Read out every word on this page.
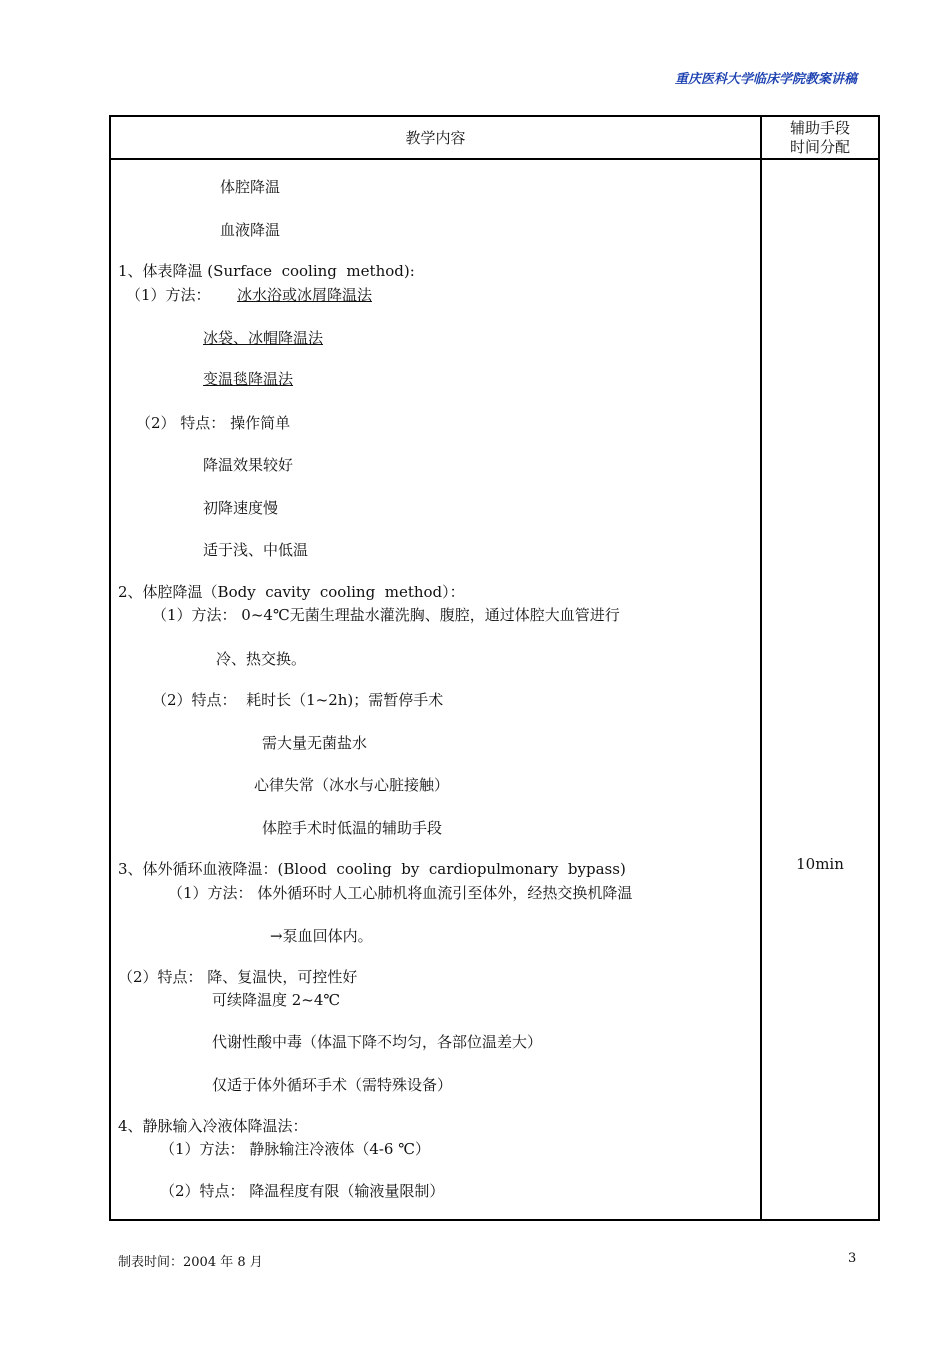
重庆医科大学临床学院教案讲稿
教学内容
辅助手段
时间分配
体腔降温
血液降温
1、体表降温 (Surface  cooling  method):
（1）方法： 冰水浴或冰屑降温法
冰袋、冰帽降温法
变温毯降温法
（2） 特点： 操作简单
降温效果较好
初降速度慢
适于浅、中低温
2、体腔降温（Body  cavity  cooling  method）：
（1）方法： 0~4℃无菌生理盐水灌洗胸、腹腔，通过体腔大血管进行
冷、热交换。
（2）特点：  耗时长（1~2h)；需暂停手术
需大量无菌盐水
心律失常（冰水与心脏接触）
体腔手术时低温的辅助手段
3、体外循环血液降温：(Blood  cooling  by  cardiopulmonary  bypass)
（1）方法： 体外循环时人工心肺机将血流引至体外，经热交换机降温
→泵血回体内。
（2）特点： 降、复温快，可控性好
可续降温度 2~4℃
代谢性酸中毒（体温下降不均匀，各部位温差大）
仅适于体外循环手术（需特殊设备）
4、静脉输入冷液体降温法：
（1）方法： 静脉输注冷液体（4-6 ℃）
（2）特点： 降温程度有限（输液量限制）
10min
制表时间：2004 年 8 月	3
